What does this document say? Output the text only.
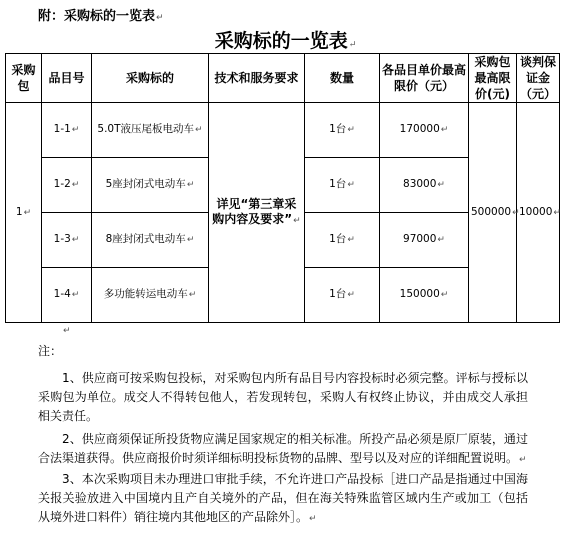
附：采购标的一览表↵
采购标的一览表↵
采购包	品目号	采购标的	技术和服务要求	数量	各品目单价最高限价（元）	采购包最高限价(元)	谈判保证金（元）
1↵	1-1↵	5.0T液压尾板电动车↵	详见“第三章采购内容及要求”↵	1台↵	170000↵	500000↵	10000↵
	1-2↵	5座封闭式电动车↵		1台↵	83000↵		
	1-3↵	8座封闭式电动车↵		1台↵	97000↵		
	1-4↵	多功能转运电动车↵		1台↵	150000↵		
↵

注：

1、供应商可按采购包投标，对采购包内所有品目号内容投标时必须完整。评标与授标以采购包为单位。成交人不得转包他人，若发现转包，采购人有权终止协议，并由成交人承担相关责任。

2、供应商须保证所投货物应满足国家规定的相关标准。所投产品必须是原厂原装，通过合法渠道获得。供应商报价时须详细标明投标货物的品牌、型号以及对应的详细配置说明。↵

3、本次采购项目未办理进口审批手续，不允许进口产品投标［进口产品是指通过中国海关报关验放进入中国境内且产自关境外的产品，但在海关特殊监管区域内生产或加工（包括从境外进口料件）销往境内其他地区的产品除外］。↵
